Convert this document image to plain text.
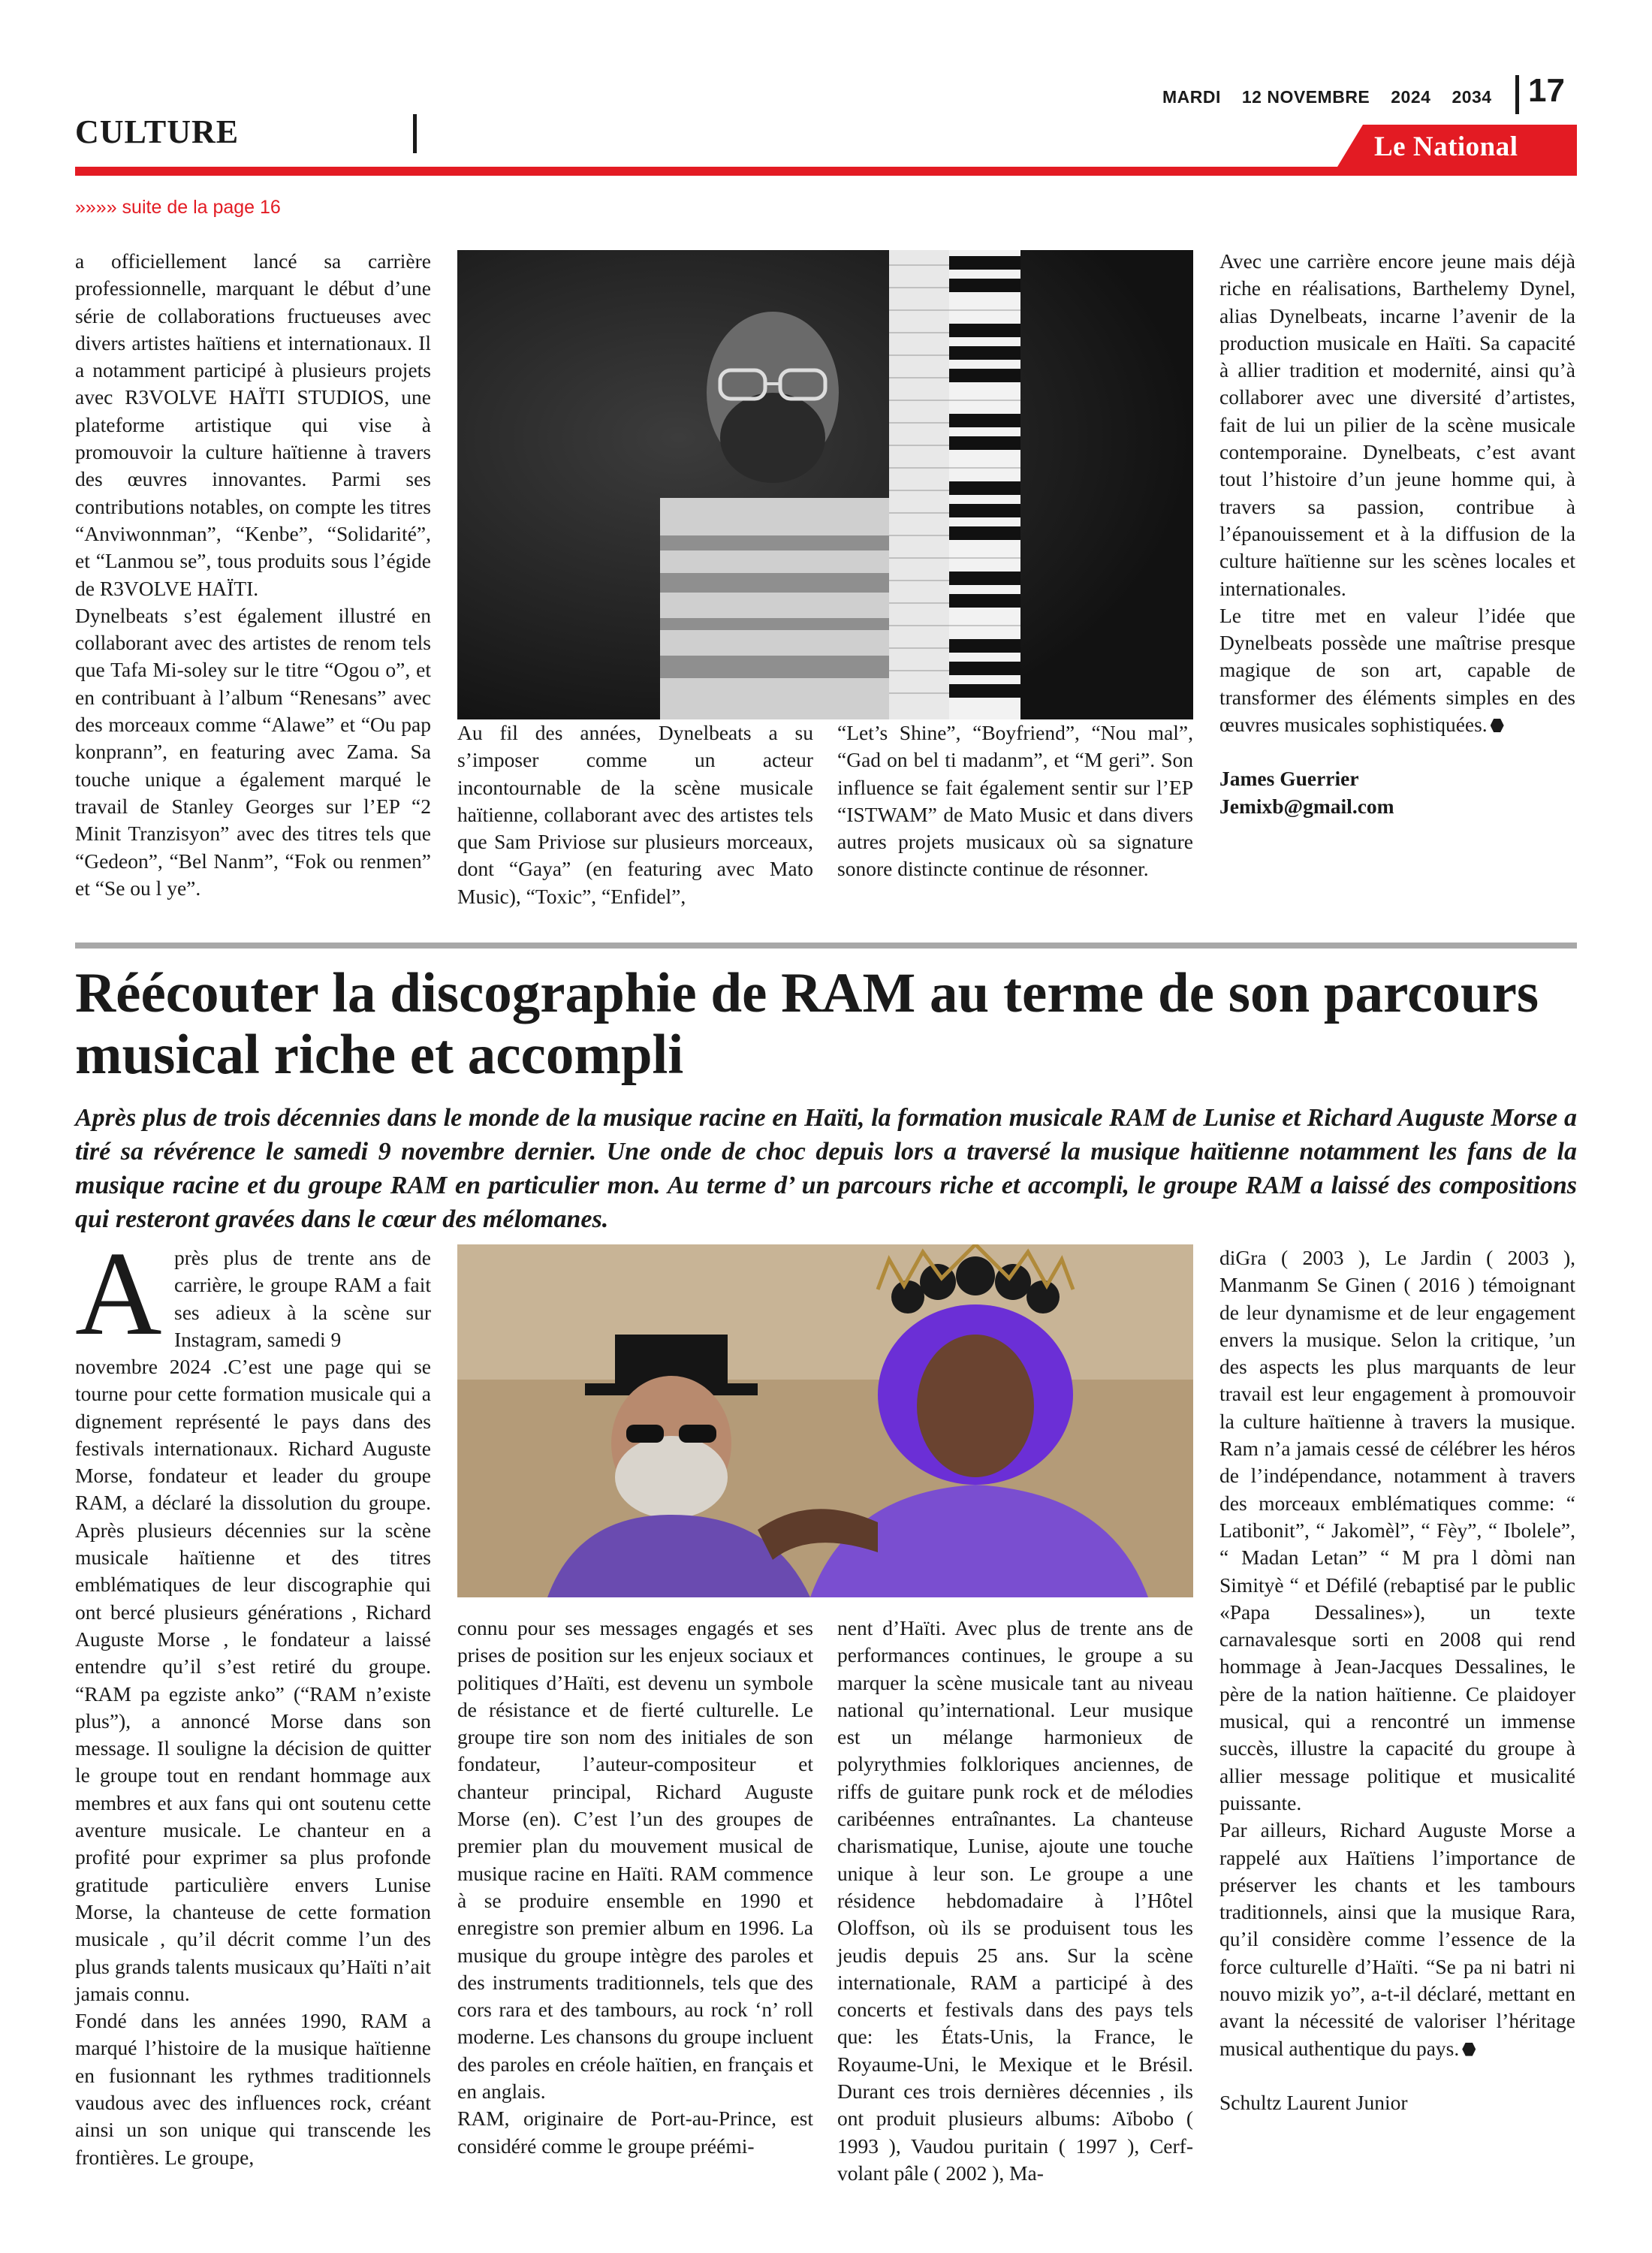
CULTURE
MARDI 12 NOVEMBRE 2024 2034 17
Le National
»»»» suite de la page 16

a officiellement lancé sa carrière professionnelle, marquant le début d’une série de collaborations fructueuses avec divers artistes haïtiens et internationaux. Il a notamment participé à plusieurs projets avec R3VOLVE HAÏTI STUDIOS, une plateforme artistique qui vise à promouvoir la culture haïtienne à travers des œuvres innovantes. Parmi ses contributions notables, on compte les titres “Anviwonnman”, “Kenbe”, “Solidarité”, et “Lanmou se”, tous produits sous l’égide de R3VOLVE HAÏTI.

Dynelbeats s’est également illustré en collaborant avec des artistes de renom tels que Tafa Mi-soley sur le titre “Ogou o”, et en contribuant à l’album “Renesans” avec des morceaux comme “Alawe” et “Ou pap konprann”, en featuring avec Zama. Sa touche unique a également marqué le travail de Stanley Georges sur l’EP “2 Minit Tranzisyon” avec des titres tels que “Gedeon”, “Bel Nanm”, “Fok ou renmen” et “Se ou l ye”.

Au fil des années, Dynelbeats a su s’imposer comme un acteur incontournable de la scène musicale haïtienne, collaborant avec des artistes tels que Sam Priviose sur plusieurs morceaux, dont “Gaya” (en featuring avec Mato Music), “Toxic”, “Enfidel”,

“Let’s Shine”, “Boyfriend”, “Nou mal”, “Gad on bel ti madanm”, et “M geri”. Son influence se fait également sentir sur l’EP “ISTWAM” de Mato Music et dans divers autres projets musicaux où sa signature sonore distincte continue de résonner.

Avec une carrière encore jeune mais déjà riche en réalisations, Barthelemy Dynel, alias Dynelbeats, incarne l’avenir de la production musicale en Haïti. Sa capacité à allier tradition et modernité, ainsi qu’à collaborer avec une diversité d’artistes, fait de lui un pilier de la scène musicale contemporaine. Dynelbeats, c’est avant tout l’histoire d’un jeune homme qui, à travers sa passion, contribue à l’épanouissement et à la diffusion de la culture haïtienne sur les scènes locales et internationales.

Le titre met en valeur l’idée que Dynelbeats possède une maîtrise presque magique de son art, capable de transformer des éléments simples en des œuvres musicales sophistiquées.

James Guerrier

Jemixb@gmail.com

Réécouter la discographie de RAM au terme de son parcours musical riche et accompli
Après plus de trois décennies dans le monde de la musique racine en Haïti, la formation musicale RAM de Lunise et Richard Auguste Morse a tiré sa révérence le samedi 9 novembre dernier. Une onde de choc depuis lors a traversé la musique haïtienne notamment les fans de la musique racine et du groupe RAM en particulier mon. Au terme d’ un parcours riche et accompli, le groupe RAM a laissé des compositions qui resteront gravées dans le cœur des mélomanes.
A près plus de trente ans de carrière, le groupe RAM a fait ses adieux à la scène sur Instagram, samedi 9

novembre 2024 .C’est une page qui se tourne pour cette formation musicale qui a dignement représenté le pays dans des festivals internationaux. Richard Auguste Morse, fondateur et leader du groupe RAM, a déclaré la dissolution du groupe. Après plusieurs décennies sur la scène musicale haïtienne et des titres emblématiques de leur discographie qui ont bercé plusieurs générations , Richard Auguste Morse , le fondateur a laissé entendre qu’il s’est retiré du groupe. “RAM pa egziste anko” (“RAM n’existe plus”), a annoncé Morse dans son message. Il souligne la décision de quitter le groupe tout en rendant hommage aux membres et aux fans qui ont soutenu cette aventure musicale. Le chanteur en a profité pour exprimer sa plus profonde gratitude particulière envers Lunise Morse, la chanteuse de cette formation musicale , qu’il décrit comme l’un des plus grands talents musicaux qu’Haïti n’ait jamais connu.

Fondé dans les années 1990, RAM a marqué l’histoire de la musique haïtienne en fusionnant les rythmes traditionnels vaudous avec des influences rock, créant ainsi un son unique qui transcende les frontières. Le groupe,

connu pour ses messages engagés et ses prises de position sur les enjeux sociaux et politiques d’Haïti, est devenu un symbole de résistance et de fierté culturelle. Le groupe tire son nom des initiales de son fondateur, l’auteur-compositeur et chanteur principal, Richard Auguste Morse (en). C’est l’un des groupes de premier plan du mouvement musical de musique racine en Haïti. RAM commence à se produire ensemble en 1990 et enregistre son premier album en 1996. La musique du groupe intègre des paroles et des instruments traditionnels, tels que des cors rara et des tambours, au rock ‘n’ roll moderne. Les chansons du groupe incluent des paroles en créole haïtien, en français et en anglais.

RAM, originaire de Port-au-Prince, est considéré comme le groupe préémi-

nent d’Haïti. Avec plus de trente ans de performances continues, le groupe a su marquer la scène musicale tant au niveau national qu’international. Leur musique est un mélange harmonieux de polyrythmies folkloriques anciennes, de riffs de guitare punk rock et de mélodies caribéennes entraînantes. La chanteuse charismatique, Lunise, ajoute une touche unique à leur son. Le groupe a une résidence hebdomadaire à l’Hôtel Oloffson, où ils se produisent tous les jeudis depuis 25 ans. Sur la scène internationale, RAM a participé à des concerts et festivals dans des pays tels que: les États-Unis, la France, le Royaume-Uni, le Mexique et le Brésil. Durant ces trois dernières décennies , ils ont produit plusieurs albums: Aïbobo ( 1993 ), Vaudou puritain ( 1997 ), Cerf-volant pâle ( 2002 ), Ma-

diGra ( 2003 ), Le Jardin ( 2003 ), Manmanm Se Ginen ( 2016 ) témoignant de leur dynamisme et de leur engagement envers la musique. Selon la critique, ’un des aspects les plus marquants de leur travail est leur engagement à promouvoir la culture haïtienne à travers la musique. Ram n’a jamais cessé de célébrer les héros de l’indépendance, notamment à travers des morceaux emblématiques comme: “ Latibonit”, “ Jakomèl”, “ Fèy”, “ Ibolele”, “ Madan Letan” “ M pra l dòmi nan Simityè “ et Défilé (rebaptisé par le public «Papa Dessalines»), un texte carnavalesque sorti en 2008 qui rend hommage à Jean-Jacques Dessalines, le père de la nation haïtienne. Ce plaidoyer musical, qui a rencontré un immense succès, illustre la capacité du groupe à allier message politique et musicalité puissante.

Par ailleurs, Richard Auguste Morse a rappelé aux Haïtiens l’importance de préserver les chants et les tambours traditionnels, ainsi que la musique Rara, qu’il considère comme l’essence de la force culturelle d’Haïti. “Se pa ni batri ni nouvo mizik yo”, a-t-il déclaré, mettant en avant la nécessité de valoriser l’héritage musical authentique du pays.

Schultz Laurent Junior
